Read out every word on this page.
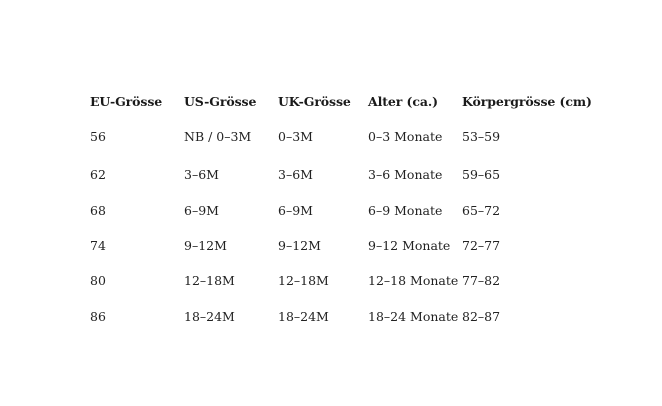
EU-Grösse	US-Grösse	UK-Grösse	Alter (ca.)	Körpergrösse (cm)
56	NB / 0–3M	0–3M	0–3 Monate	53–59
62	3–6M	3–6M	3–6 Monate	59–65
68	6–9M	6–9M	6–9 Monate	65–72
74	9–12M	9–12M	9–12 Monate	72–77
80	12–18M	12–18M	12–18 Monate	77–82
86	18–24M	18–24M	18–24 Monate	82–87
